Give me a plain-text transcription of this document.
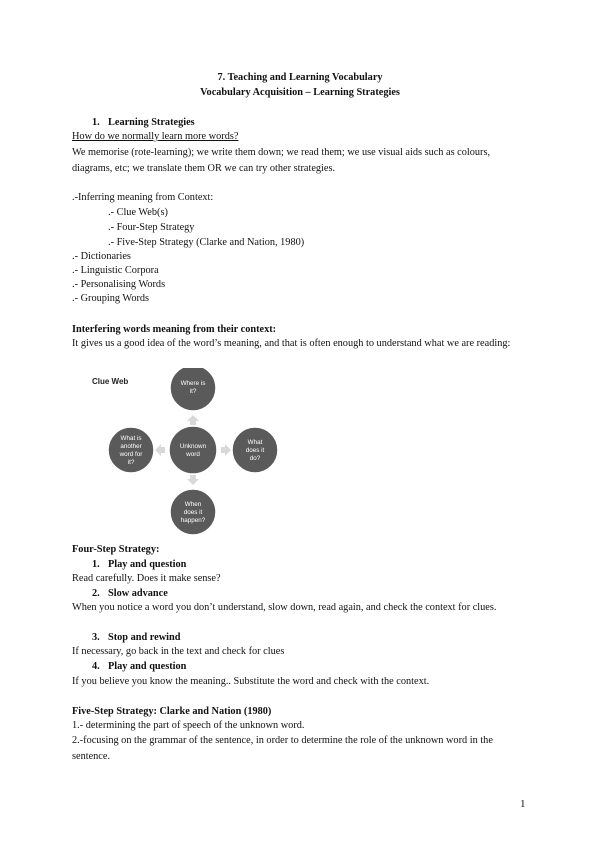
7. Teaching and Learning Vocabulary
Vocabulary Acquisition – Learning Strategies
1. Learning Strategies
How do we normally learn more words?
We memorise (rote-learning); we write them down; we read them; we use visual aids such as colours, diagrams, etc; we translate them OR we can try other strategies.
.-Inferring meaning from Context:
.- Clue Web(s)
.- Four-Step Strategy
.- Five-Step Strategy (Clarke and Nation, 1980)
.- Dictionaries
.- Linguistic Corpora
.- Personalising Words
.- Grouping Words
Interfering words meaning from their context:
It gives us a good idea of the word’s meaning, and that is often enough to understand what we are reading:
Clue Web	Where is
it?
Unknown
word
What
does it
do?
When
does it
happen?
What is
another
word for
it?
Four-Step Strategy:
1. Play and question
Read carefully. Does it make sense?
2. Slow advance
When you notice a word you don’t understand, slow down, read again, and check the context for clues.
3. Stop and rewind
If necessary, go back in the text and check for clues
4. Play and question
If you believe you know the meaning.. Substitute the word and check with the context.
Five-Step Strategy: Clarke and Nation (1980)
1.- determining the part of speech of the unknown word.
2.-focusing on the grammar of the sentence, in order to determine the role of the unknown word in the sentence.
1
